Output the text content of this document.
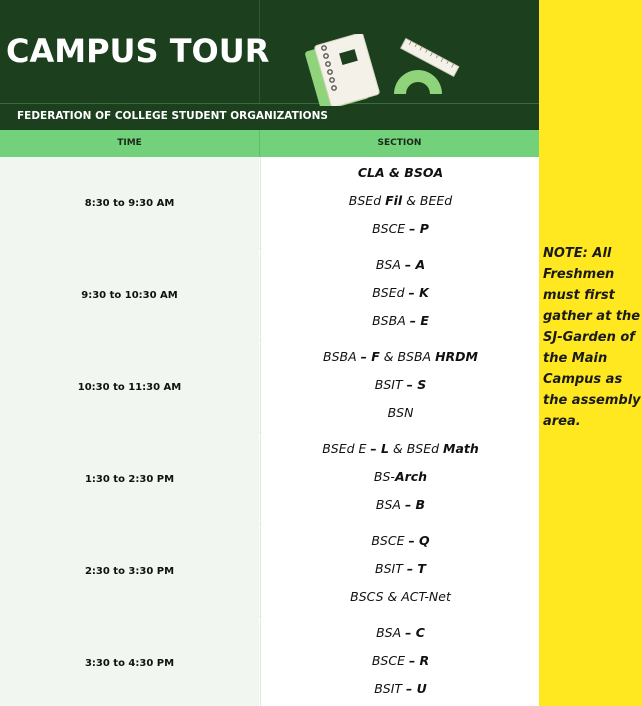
CAMPUS TOUR
FEDERATION OF COLLEGE STUDENT ORGANIZATIONS
TIME	SECTION
8:30 to 9:30 AM
CLA & BSOA
BSEd Fil & BEEd
BSCE – P
9:30 to 10:30 AM
BSA – A
BSEd – K
BSBA – E
10:30 to 11:30 AM
BSBA – F & BSBA HRDM
BSIT – S
BSN
1:30 to 2:30 PM
BSEd E – L & BSEd Math
BS-Arch
BSA – B
2:30 to 3:30 PM
BSCE – Q
BSIT – T
BSCS & ACT-Net
3:30 to 4:30 PM
BSA – C
BSCE – R
BSIT – U
NOTE: All Freshmen must first gather at the SJ-Garden of the Main Campus as the assembly area.
